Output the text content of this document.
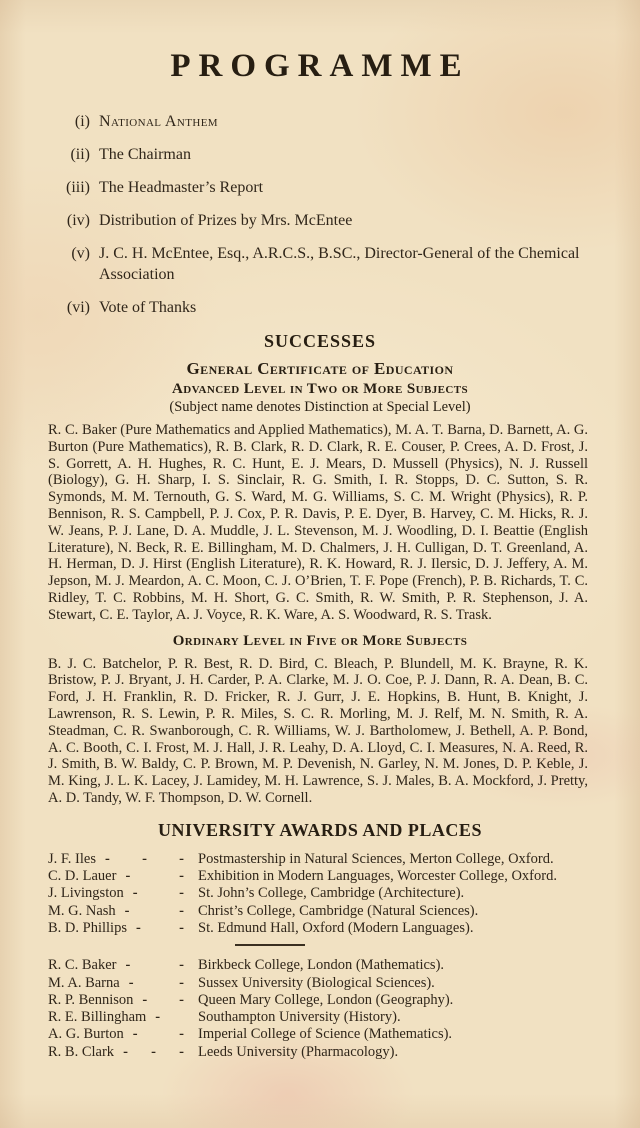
PROGRAMME
(i) National Anthem
(ii) The Chairman
(iii) The Headmaster’s Report
(iv) Distribution of Prizes by Mrs. McEntee
(v) J. C. H. McEntee, Esq., A.R.C.S., B.SC., Director-General of the Chemical Association
(vi) Vote of Thanks
SUCCESSES
General Certificate of Education
Advanced Level in Two or More Subjects
(Subject name denotes Distinction at Special Level)

R. C. Baker (Pure Mathematics and Applied Mathematics), M. A. T. Barna, D. Barnett, A. G. Burton (Pure Mathematics), R. B. Clark, R. D. Clark, R. E. Couser, P. Crees, A. D. Frost, J. S. Gorrett, A. H. Hughes, R. C. Hunt, E. J. Mears, D. Mussell (Physics), N. J. Russell (Biology), G. H. Sharp, I. S. Sinclair, R. G. Smith, I. R. Stopps, D. C. Sutton, S. R. Symonds, M. M. Ternouth, G. S. Ward, M. G. Williams, S. C. M. Wright (Physics), R. P. Bennison, R. S. Campbell, P. J. Cox, P. R. Davis, P. E. Dyer, B. Harvey, C. M. Hicks, R. J. W. Jeans, P. J. Lane, D. A. Muddle, J. L. Stevenson, M. J. Woodling, D. I. Beattie (English Literature), N. Beck, R. E. Billingham, M. D. Chalmers, J. H. Culligan, D. T. Greenland, A. H. Herman, D. J. Hirst (English Literature), R. K. Howard, R. J. Ilersic, D. J. Jeffery, A. M. Jepson, M. J. Meardon, A. C. Moon, C. J. O’Brien, T. F. Pope (French), P. B. Richards, T. C. Ridley, T. C. Robbins, M. H. Short, G. C. Smith, R. W. Smith, P. R. Stephenson, J. A. Stewart, C. E. Taylor, A. J. Voyce, R. K. Ware, A. S. Woodward, R. S. Trask.

Ordinary Level in Five or More Subjects

B. J. C. Batchelor, P. R. Best, R. D. Bird, C. Bleach, P. Blundell, M. K. Brayne, R. K. Bristow, P. J. Bryant, J. H. Carder, P. A. Clarke, M. J. O. Coe, P. J. Dann, R. A. Dean, B. C. Ford, J. H. Franklin, R. D. Fricker, R. J. Gurr, J. E. Hopkins, B. Hunt, B. Knight, J. Lawrenson, R. S. Lewin, P. R. Miles, S. C. R. Morling, M. J. Relf, M. N. Smith, R. A. Steadman, C. R. Swanborough, C. R. Williams, W. J. Bartholomew, J. Bethell, A. P. Bond, A. C. Booth, C. I. Frost, M. J. Hall, J. R. Leahy, D. A. Lloyd, C. I. Measures, N. A. Reed, R. J. Smith, B. W. Baldy, C. P. Brown, M. P. Devenish, N. Garley, N. M. Jones, D. P. Keble, J. M. King, J. L. K. Lacey, J. Lamidey, M. H. Lawrence, S. J. Males, B. A. Mockford, J. Pretty, A. D. Tandy, W. F. Thompson, D. W. Cornell.

UNIVERSITY AWARDS AND PLACES
J. F. Iles - - - Postmastership in Natural Sciences, Merton College, Oxford.
C. D. Lauer - - Exhibition in Modern Languages, Worcester College, Oxford.
J. Livingston - - St. John’s College, Cambridge (Architecture).
M. G. Nash - - Christ’s College, Cambridge (Natural Sciences).
B. D. Phillips - - St. Edmund Hall, Oxford (Modern Languages).
R. C. Baker - - Birkbeck College, London (Mathematics).
M. A. Barna - - Sussex University (Biological Sciences).
R. P. Bennison - - Queen Mary College, London (Geography).
R. E. Billingham -	Southampton University (History).
A. G. Burton - - Imperial College of Science (Mathematics).
R. B. Clark - - - Leeds University (Pharmacology).
